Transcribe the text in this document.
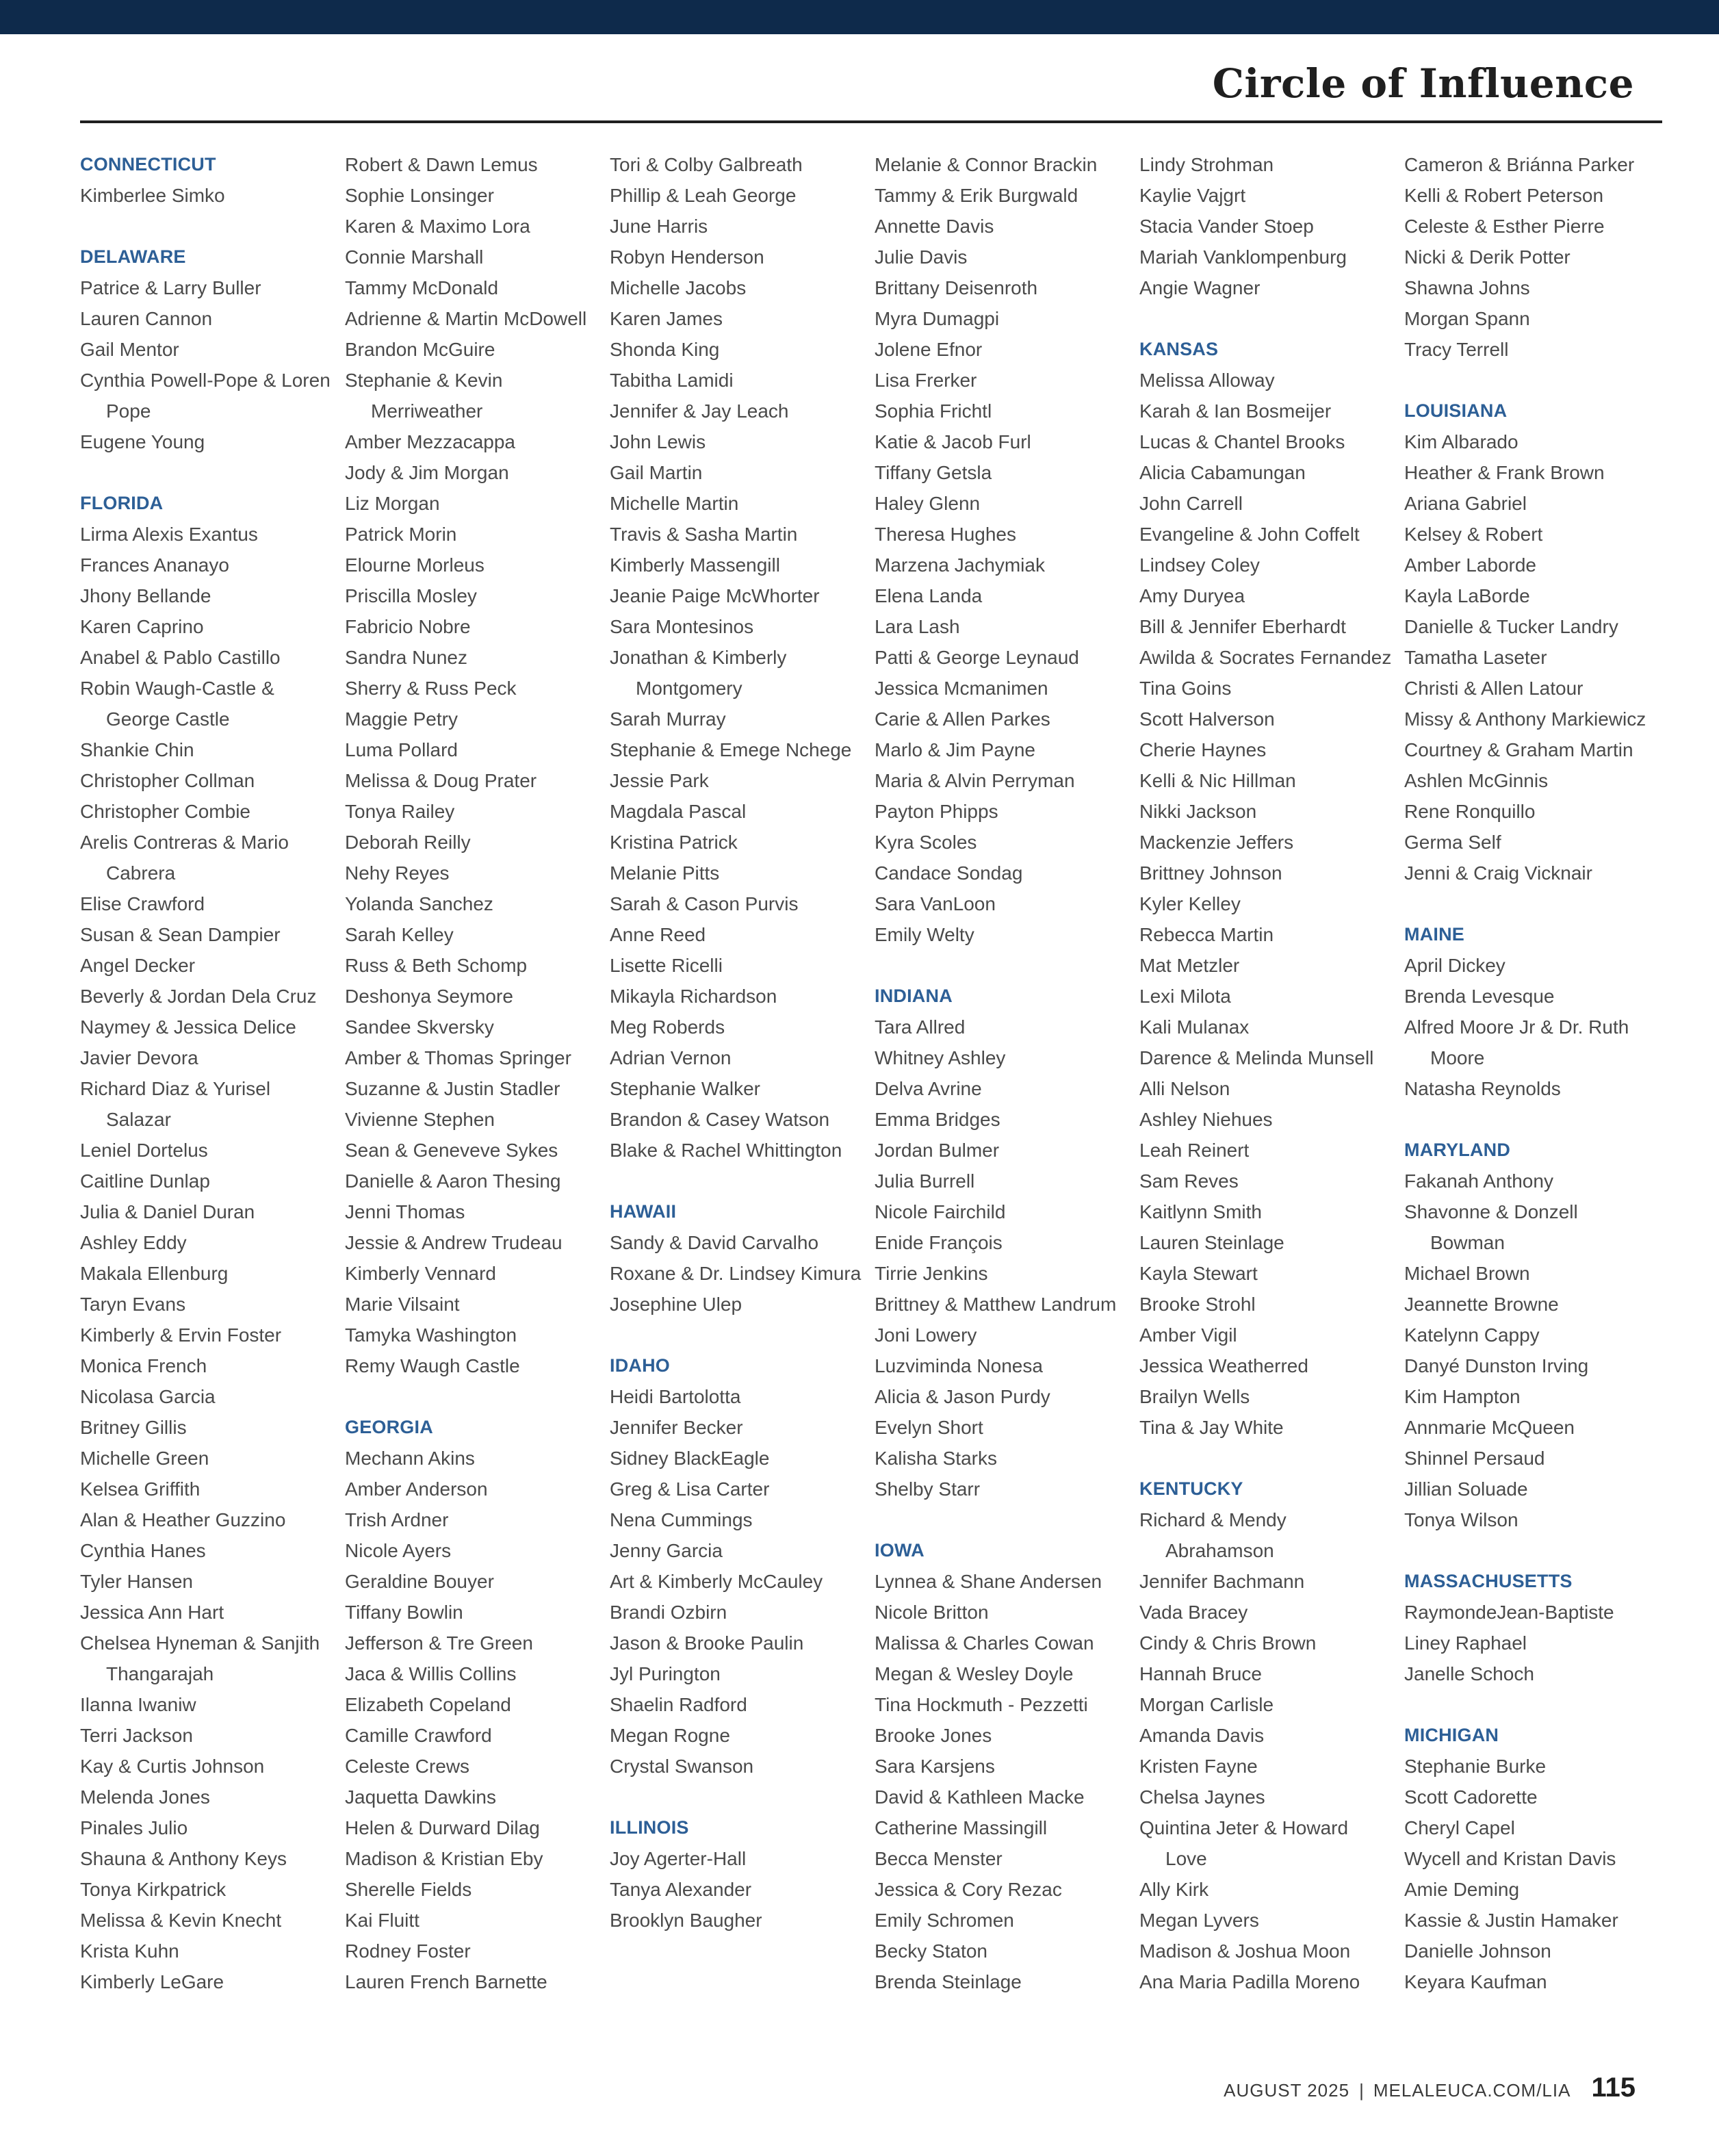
Circle of Influence
CONNECTICUT
Kimberlee Simko
DELAWARE
Patrice & Larry Buller
Lauren Cannon
Gail Mentor
Cynthia Powell-Pope & Loren Pope
Eugene Young
FLORIDA
Lirma Alexis Exantus
Frances Ananayo
Jhony Bellande
Karen Caprino
Anabel & Pablo Castillo
Robin Waugh-Castle & George Castle
Shankie Chin
Christopher Collman
Christopher Combie
Arelis Contreras & Mario Cabrera
Elise Crawford
Susan & Sean Dampier
Angel Decker
Beverly & Jordan Dela Cruz
Naymey & Jessica Delice
Javier Devora
Richard Diaz & Yurisel Salazar
Leniel Dortelus
Caitline Dunlap
Julia & Daniel Duran
Ashley Eddy
Makala Ellenburg
Taryn Evans
Kimberly & Ervin Foster
Monica French
Nicolasa Garcia
Britney Gillis
Michelle Green
Kelsea Griffith
Alan & Heather Guzzino
Cynthia Hanes
Tyler Hansen
Jessica Ann Hart
Chelsea Hyneman & Sanjith Thangarajah
Ilanna Iwaniw
Terri Jackson
Kay & Curtis Johnson
Melenda Jones
Pinales Julio
Shauna & Anthony Keys
Tonya Kirkpatrick
Melissa & Kevin Knecht
Krista Kuhn
Kimberly LeGare
Robert & Dawn Lemus
Sophie Lonsinger
Karen & Maximo Lora
Connie Marshall
Tammy McDonald
Adrienne & Martin McDowell
Brandon McGuire
Stephanie & Kevin Merriweather
Amber Mezzacappa
Jody & Jim Morgan
Liz Morgan
Patrick Morin
Elourne Morleus
Priscilla Mosley
Fabricio Nobre
Sandra Nunez
Sherry & Russ Peck
Maggie Petry
Luma Pollard
Melissa & Doug Prater
Tonya Railey
Deborah Reilly
Nehy Reyes
Yolanda Sanchez
Sarah Kelley
Russ & Beth Schomp
Deshonya Seymore
Sandee Skversky
Amber & Thomas Springer
Suzanne & Justin Stadler
Vivienne Stephen
Sean & Geneveve Sykes
Danielle & Aaron Thesing
Jenni Thomas
Jessie & Andrew Trudeau
Kimberly Vennard
Marie Vilsaint
Tamyka Washington
Remy Waugh Castle
GEORGIA
Mechann Akins
Amber Anderson
Trish Ardner
Nicole Ayers
Geraldine Bouyer
Tiffany Bowlin
Jefferson & Tre Green
Jaca & Willis Collins
Elizabeth Copeland
Camille Crawford
Celeste Crews
Jaquetta Dawkins
Helen & Durward Dilag
Madison & Kristian Eby
Sherelle Fields
Kai Fluitt
Rodney Foster
Lauren French Barnette
Tori & Colby Galbreath
Phillip & Leah George
June Harris
Robyn Henderson
Michelle Jacobs
Karen James
Shonda King
Tabitha Lamidi
Jennifer & Jay Leach
John Lewis
Gail Martin
Michelle Martin
Travis & Sasha Martin
Kimberly Massengill
Jeanie Paige McWhorter
Sara Montesinos
Jonathan & Kimberly Montgomery
Sarah Murray
Stephanie & Emege Nchege
Jessie Park
Magdala Pascal
Kristina Patrick
Melanie Pitts
Sarah & Cason Purvis
Anne Reed
Lisette Ricelli
Mikayla Richardson
Meg Roberds
Adrian Vernon
Stephanie Walker
Brandon & Casey Watson
Blake & Rachel Whittington
HAWAII
Sandy & David Carvalho
Roxane & Dr. Lindsey Kimura
Josephine Ulep
IDAHO
Heidi Bartolotta
Jennifer Becker
Sidney BlackEagle
Greg & Lisa Carter
Nena Cummings
Jenny Garcia
Art & Kimberly McCauley
Brandi Ozbirn
Jason & Brooke Paulin
Jyl Purington
Shaelin Radford
Megan Rogne
Crystal Swanson
ILLINOIS
Joy Agerter-Hall
Tanya Alexander
Brooklyn Baugher
Melanie & Connor Brackin
Tammy & Erik Burgwald
Annette Davis
Julie Davis
Brittany Deisenroth
Myra Dumagpi
Jolene Efnor
Lisa Frerker
Sophia Frichtl
Katie & Jacob Furl
Tiffany Getsla
Haley Glenn
Theresa Hughes
Marzena Jachymiak
Elena Landa
Lara Lash
Patti & George Leynaud
Jessica Mcmanimen
Carie & Allen Parkes
Marlo & Jim Payne
Maria & Alvin Perryman
Payton Phipps
Kyra Scoles
Candace Sondag
Sara VanLoon
Emily Welty
INDIANA
Tara Allred
Whitney Ashley
Delva Avrine
Emma Bridges
Jordan Bulmer
Julia Burrell
Nicole Fairchild
Enide François
Tirrie Jenkins
Brittney & Matthew Landrum
Joni Lowery
Luzviminda Nonesa
Alicia & Jason Purdy
Evelyn Short
Kalisha Starks
Shelby Starr
IOWA
Lynnea & Shane Andersen
Nicole Britton
Malissa & Charles Cowan
Megan & Wesley Doyle
Tina Hockmuth - Pezzetti
Brooke Jones
Sara Karsjens
David & Kathleen Macke
Catherine Massingill
Becca Menster
Jessica & Cory Rezac
Emily Schromen
Becky Staton
Brenda Steinlage
Lindy Strohman
Kaylie Vajgrt
Stacia Vander Stoep
Mariah Vanklompenburg
Angie Wagner
KANSAS
Melissa Alloway
Karah & Ian Bosmeijer
Lucas & Chantel Brooks
Alicia Cabamungan
John Carrell
Evangeline & John Coffelt
Lindsey Coley
Amy Duryea
Bill & Jennifer Eberhardt
Awilda & Socrates Fernandez
Tina Goins
Scott Halverson
Cherie Haynes
Kelli & Nic Hillman
Nikki Jackson
Mackenzie Jeffers
Brittney Johnson
Kyler Kelley
Rebecca Martin
Mat Metzler
Lexi Milota
Kali Mulanax
Darence & Melinda Munsell
Alli Nelson
Ashley Niehues
Leah Reinert
Sam Reves
Kaitlynn Smith
Lauren Steinlage
Kayla Stewart
Brooke Strohl
Amber Vigil
Jessica Weatherred
Brailyn Wells
Tina & Jay White
KENTUCKY
Richard & Mendy Abrahamson
Jennifer Bachmann
Vada Bracey
Cindy & Chris Brown
Hannah Bruce
Morgan Carlisle
Amanda Davis
Kristen Fayne
Chelsa Jaynes
Quintina Jeter & Howard Love
Ally Kirk
Megan Lyvers
Madison & Joshua Moon
Ana Maria Padilla Moreno
Cameron & Briánna Parker
Kelli & Robert Peterson
Celeste & Esther Pierre
Nicki & Derik Potter
Shawna Johns
Morgan Spann
Tracy Terrell
LOUISIANA
Kim Albarado
Heather & Frank Brown
Ariana Gabriel
Kelsey & Robert
Amber Laborde
Kayla LaBorde
Danielle & Tucker Landry
Tamatha Laseter
Christi & Allen Latour
Missy & Anthony Markiewicz
Courtney & Graham Martin
Ashlen McGinnis
Rene Ronquillo
Germa Self
Jenni & Craig Vicknair
MAINE
April Dickey
Brenda Levesque
Alfred Moore Jr & Dr. Ruth Moore
Natasha Reynolds
MARYLAND
Fakanah Anthony
Shavonne & Donzell Bowman
Michael Brown
Jeannette Browne
Katelynn Cappy
Danyé Dunston Irving
Kim Hampton
Annmarie McQueen
Shinnel Persaud
Jillian Soluade
Tonya Wilson
MASSACHUSETTS
RaymondeJean-Baptiste
Liney Raphael
Janelle Schoch
MICHIGAN
Stephanie Burke
Scott Cadorette
Cheryl Capel
Wycell and Kristan Davis
Amie Deming
Kassie & Justin Hamaker
Danielle Johnson
Keyara Kaufman
AUGUST 2025 | MELALEUCA.COM/LIA 115
